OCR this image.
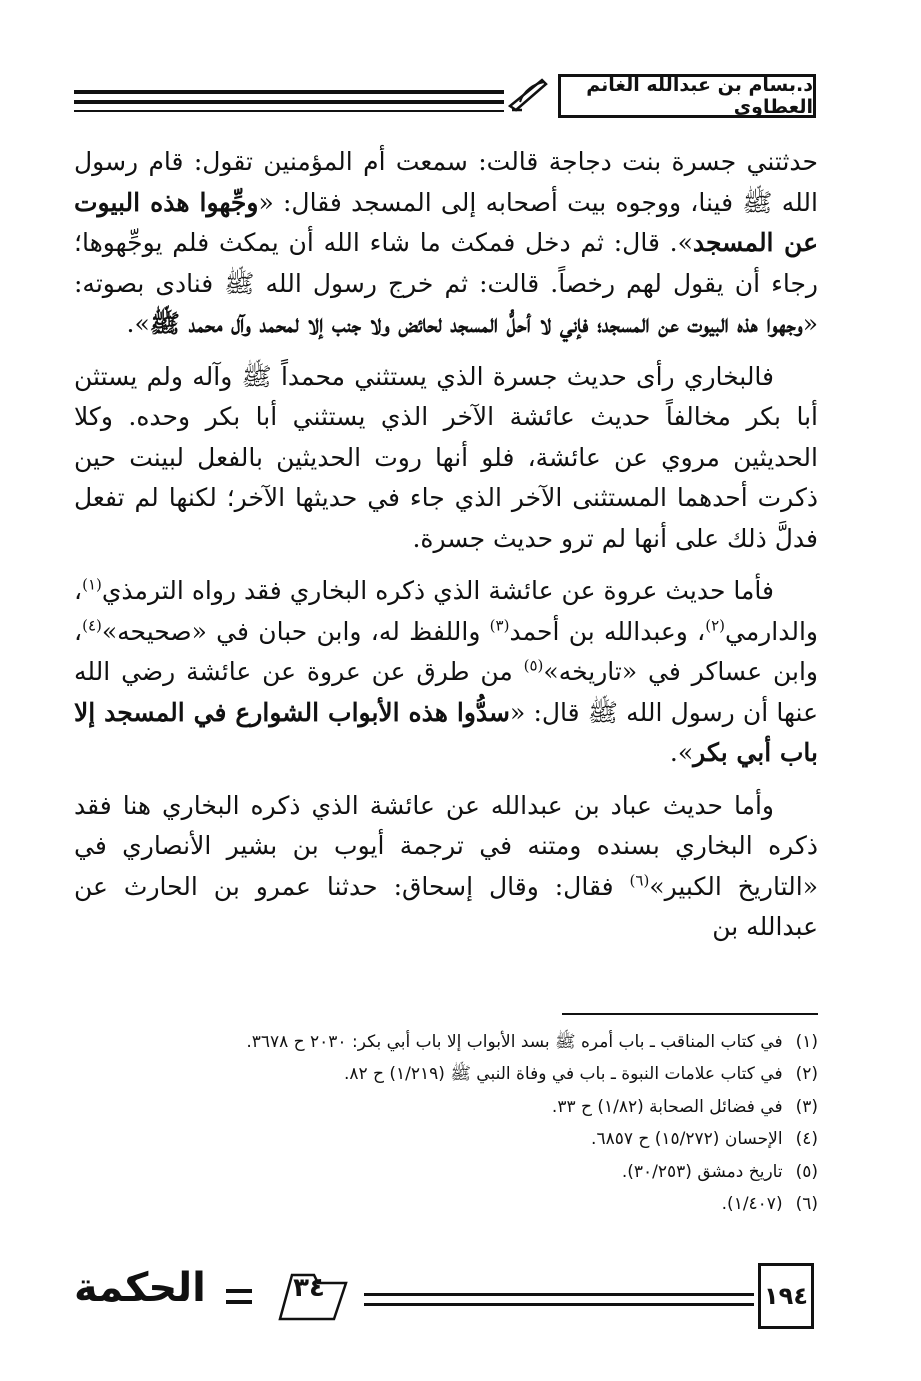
د.بسام بن عبدالله الغانم العطاوي

حدثتني جسرة بنت دجاجة قالت: سمعت أم المؤمنين تقول: قام رسول الله ﷺ فينا، ووجوه بيت أصحابه إلى المسجد فقال: «وجِّهوا هذه البيوت عن المسجد». قال: ثم دخل فمكث ما شاء الله أن يمكث فلم يوجِّهوها؛ رجاء أن يقول لهم رخصاً. قالت: ثم خرج رسول الله ﷺ فنادى بصوته: «وجهوا هذه البيوت عن المسجد؛ فإني لا أحلُّ المسجد لحائض ولا جنب إلا لمحمد وآل محمد ﷺ».

فالبخاري رأى حديث جسرة الذي يستثني محمداً ﷺ وآله ولم يستثن أبا بكر مخالفاً حديث عائشة الآخر الذي يستثني أبا بكر وحده. وكلا الحديثين مروي عن عائشة، فلو أنها روت الحديثين بالفعل لبينت حين ذكرت أحدهما المستثنى الآخر الذي جاء في حديثها الآخر؛ لكنها لم تفعل فدلَّ ذلك على أنها لم ترو حديث جسرة.

فأما حديث عروة عن عائشة الذي ذكره البخاري فقد رواه الترمذي$^{(١)}$، والدارمي$^{(٢)}$، وعبدالله بن أحمد$^{(٣)}$ واللفظ له، وابن حبان في «صحيحه»$^{(٤)}$، وابن عساكر في «تاريخه»$^{(٥)}$ من طرق عن عروة عن عائشة رضي الله عنها أن رسول الله ﷺ قال: «سدُّوا هذه الأبواب الشوارع في المسجد إلا باب أبي بكر».

وأما حديث عباد بن عبدالله عن عائشة الذي ذكره البخاري هنا فقد ذكره البخاري بسنده ومتنه في ترجمة أيوب بن بشير الأنصاري في «التاريخ الكبير»$^{(٦)}$ فقال: وقال إسحاق: حدثنا عمرو بن الحارث عن عبدالله بن

(١) في كتاب المناقب ـ باب أمره ﷺ بسد الأبواب إلا باب أبي بكر: ٢٠٣٠ ح ٣٦٧٨.
(٢) في كتاب علامات النبوة ـ باب في وفاة النبي ﷺ (١/٢١٩) ح ٨٢.
(٣) في فضائل الصحابة (١/٨٢) ح ٣٣.
(٤) الإحسان (١٥/٢٧٢) ح ٦٨٥٧.
(٥) تاريخ دمشق (٣٠/٢٥٣).
(٦) (١/٤٠٧).
١٩٤
٣٤
الحكمة
